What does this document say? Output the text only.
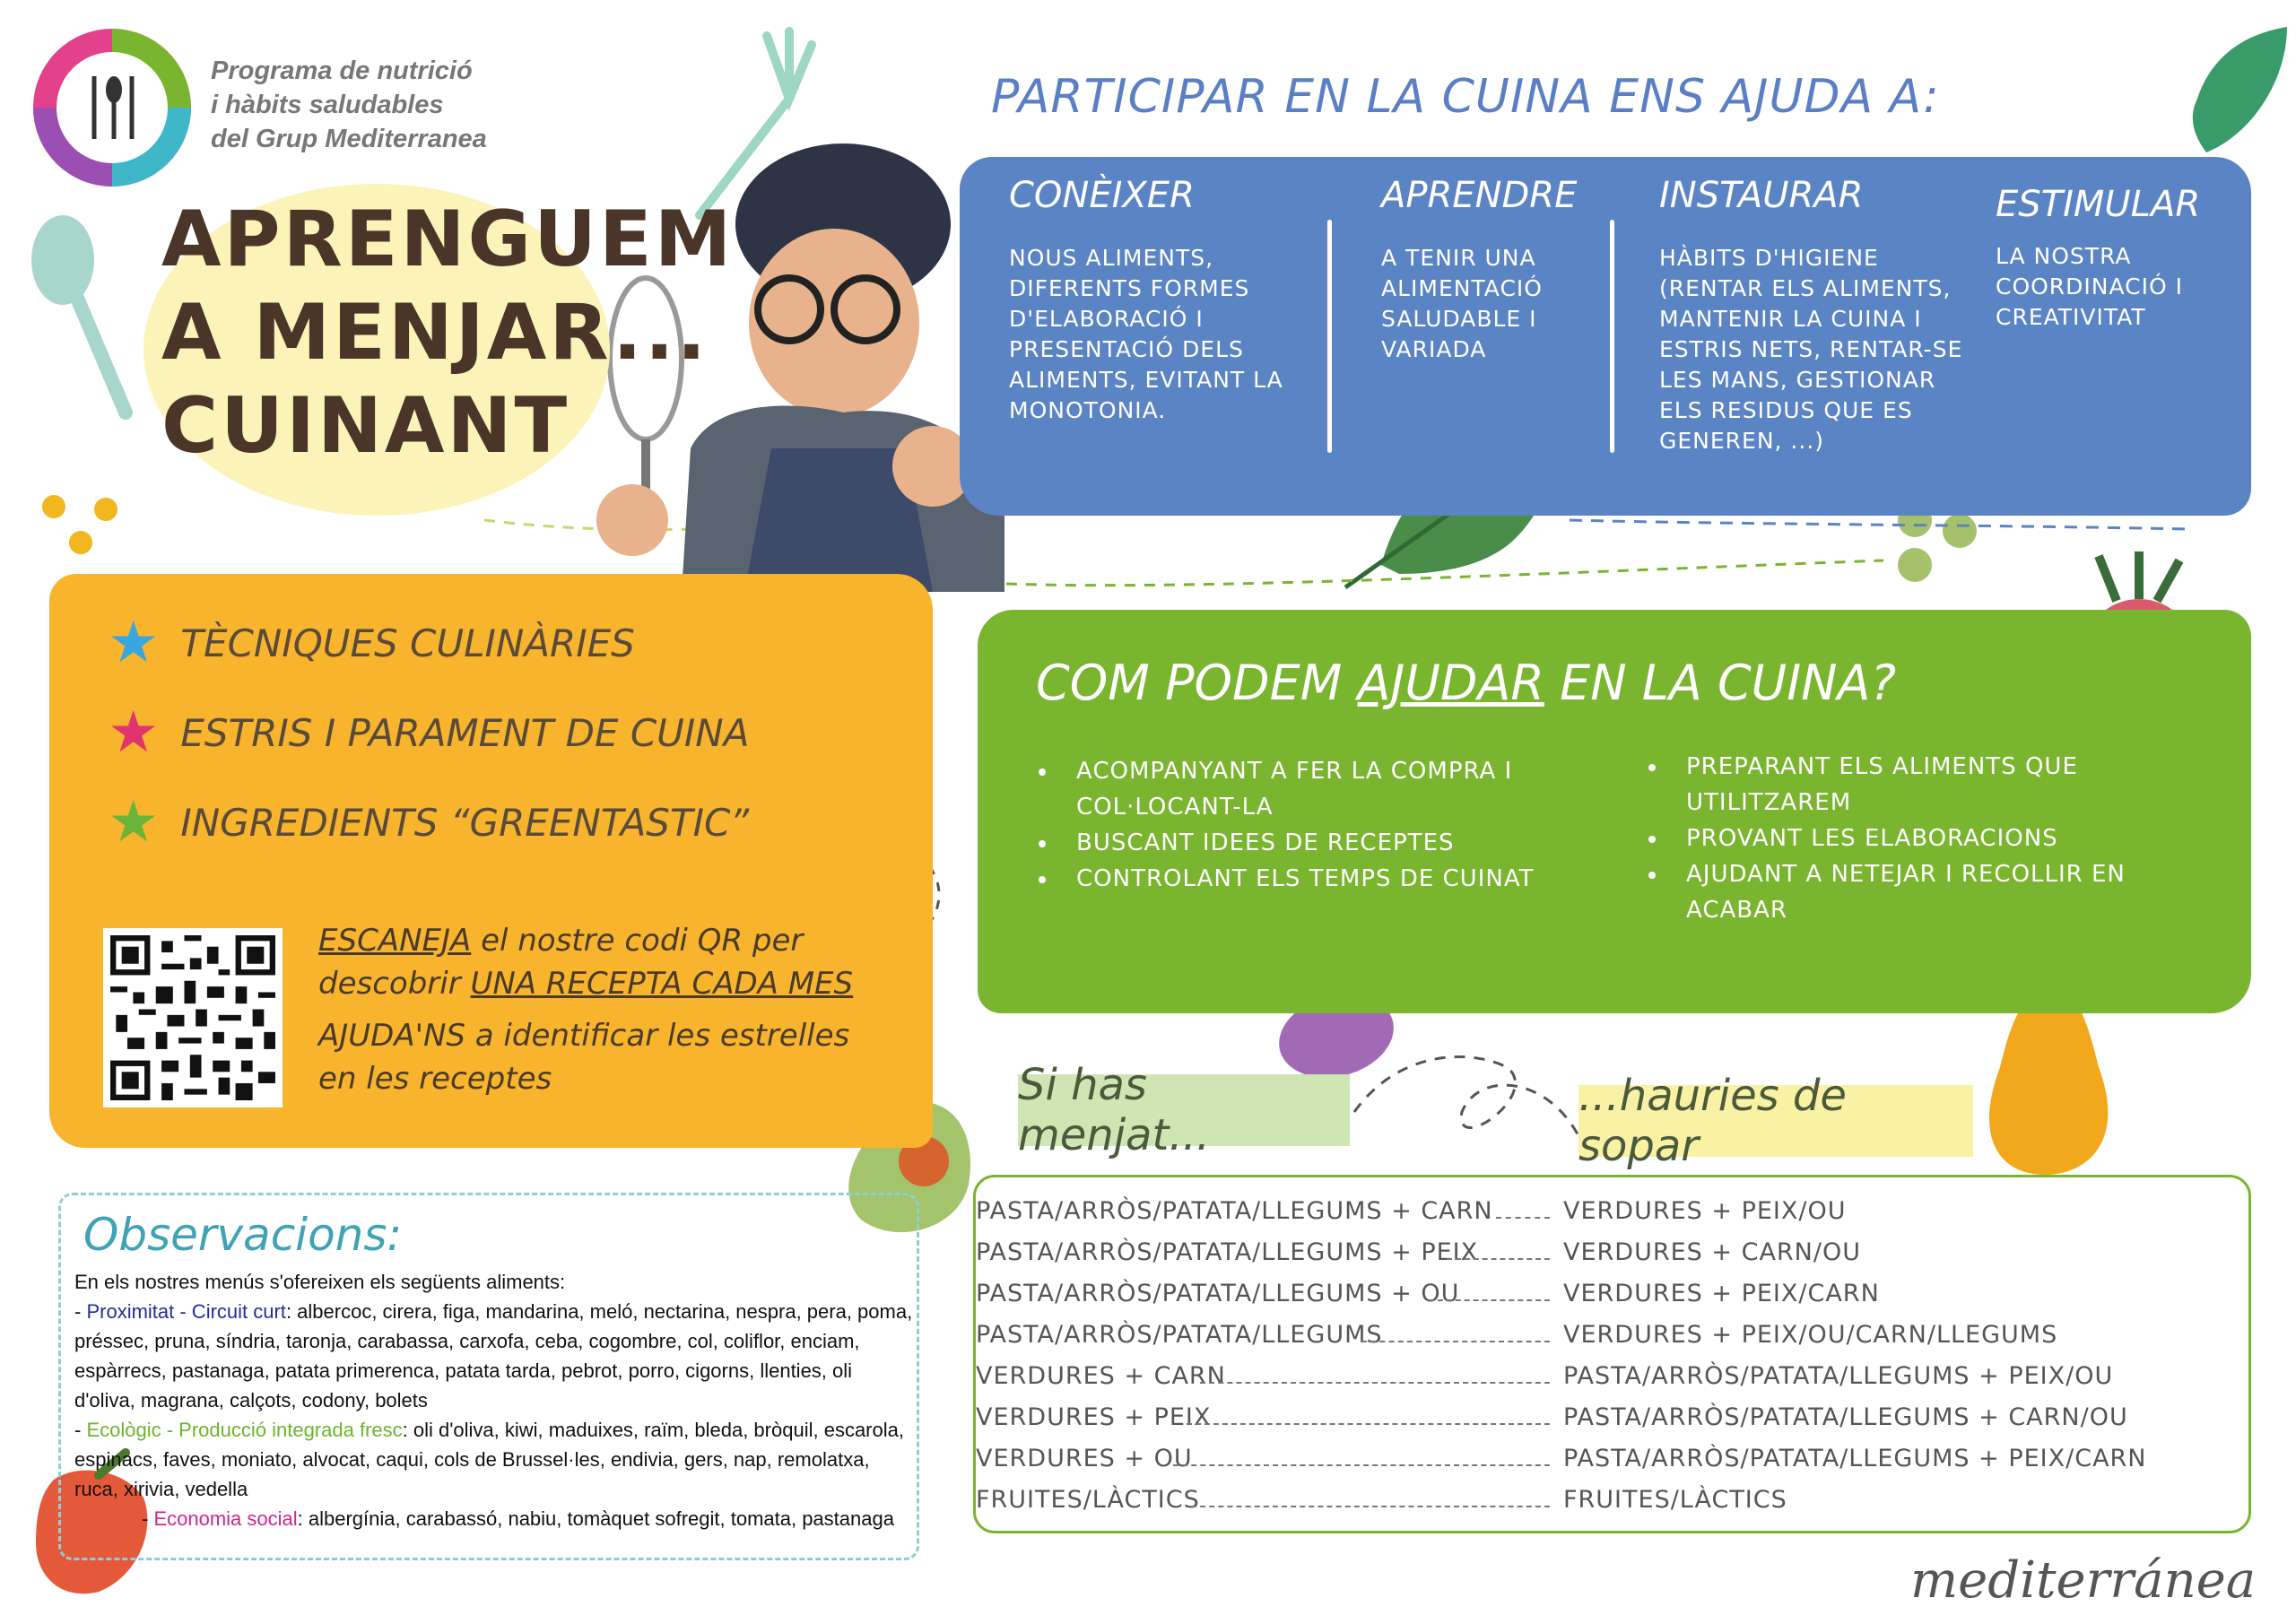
Programa de nutrició
i hàbits saludables
del Grup Mediterranea
APRENGUEM
A MENJAR...
CUINANT
PARTICIPAR EN LA CUINA ENS AJUDA A:
CONÈIXER
NOUS ALIMENTS, DIFERENTS FORMES D'ELABORACIÓ I PRESENTACIÓ DELS ALIMENTS, EVITANT LA MONOTONIA.
APRENDRE
A TENIR UNA ALIMENTACIÓ SALUDABLE I VARIADA
INSTAURAR
HÀBITS D'HIGIENE (RENTAR ELS ALIMENTS, MANTENIR LA CUINA I ESTRIS NETS, RENTAR-SE LES MANS, GESTIONAR ELS RESIDUS QUE ES GENEREN, ...)
ESTIMULAR
LA NOSTRA COORDINACIÓ I CREATIVITAT
★ TÈCNIQUES CULINÀRIES
★ ESTRIS I PARAMENT DE CUINA
★ INGREDIENTS “GREENTASTIC”
ESCANEJA el nostre codi QR per
descobrir UNA RECEPTA CADA MES
AJUDA'NS a identificar les estrelles en les receptes
COM PODEM AJUDAR EN LA CUINA?
• ACOMPANYANT A FER LA COMPRA I COL·LOCANT-LA
• BUSCANT IDEES DE RECEPTES
• CONTROLANT ELS TEMPS DE CUINAT
• PREPARANT ELS ALIMENTS QUE UTILITZAREM
• PROVANT LES ELABORACIONS
• AJUDANT A NETEJAR I RECOLLIR EN ACABAR
Si has menjat...
...hauries de sopar
PASTA/ARRÒS/PATATA/LLEGUMS + CARN	VERDURES + PEIX/OU
PASTA/ARRÒS/PATATA/LLEGUMS + PEIX	VERDURES + CARN/OU
PASTA/ARRÒS/PATATA/LLEGUMS + OU	VERDURES + PEIX/CARN
PASTA/ARRÒS/PATATA/LLEGUMS	VERDURES + PEIX/OU/CARN/LLEGUMS
VERDURES + CARN	PASTA/ARRÒS/PATATA/LLEGUMS + PEIX/OU
VERDURES + PEIX	PASTA/ARRÒS/PATATA/LLEGUMS + CARN/OU
VERDURES + OU	PASTA/ARRÒS/PATATA/LLEGUMS + PEIX/CARN
FRUITES/LÀCTICS	FRUITES/LÀCTICS
Observacions:
En els nostres menús s'ofereixen els següents aliments:
- Proximitat - Circuit curt: albercoc, cirera, figa, mandarina, meló, nectarina, nespra, pera, poma, préssec, pruna, síndria, taronja, carabassa, carxofa, ceba, cogombre, col, coliflor, enciam, espàrrecs, pastanaga, patata primerenca, patata tarda, pebrot, porro, cigorns, llenties, oli d'oliva, magrana, calçots, codony, bolets
- Ecològic - Producció integrada fresc: oli d'oliva, kiwi, maduixes, raïm, bleda, bròquil, escarola, espinacs, faves, moniato, alvocat, caqui, cols de Brussel·les, endivia, gers, nap, remolatxa, ruca, xirivia, vedella
- Economia social: albergínia, carabassó, nabiu, tomàquet sofregit, tomata, pastanaga
mediterránea
